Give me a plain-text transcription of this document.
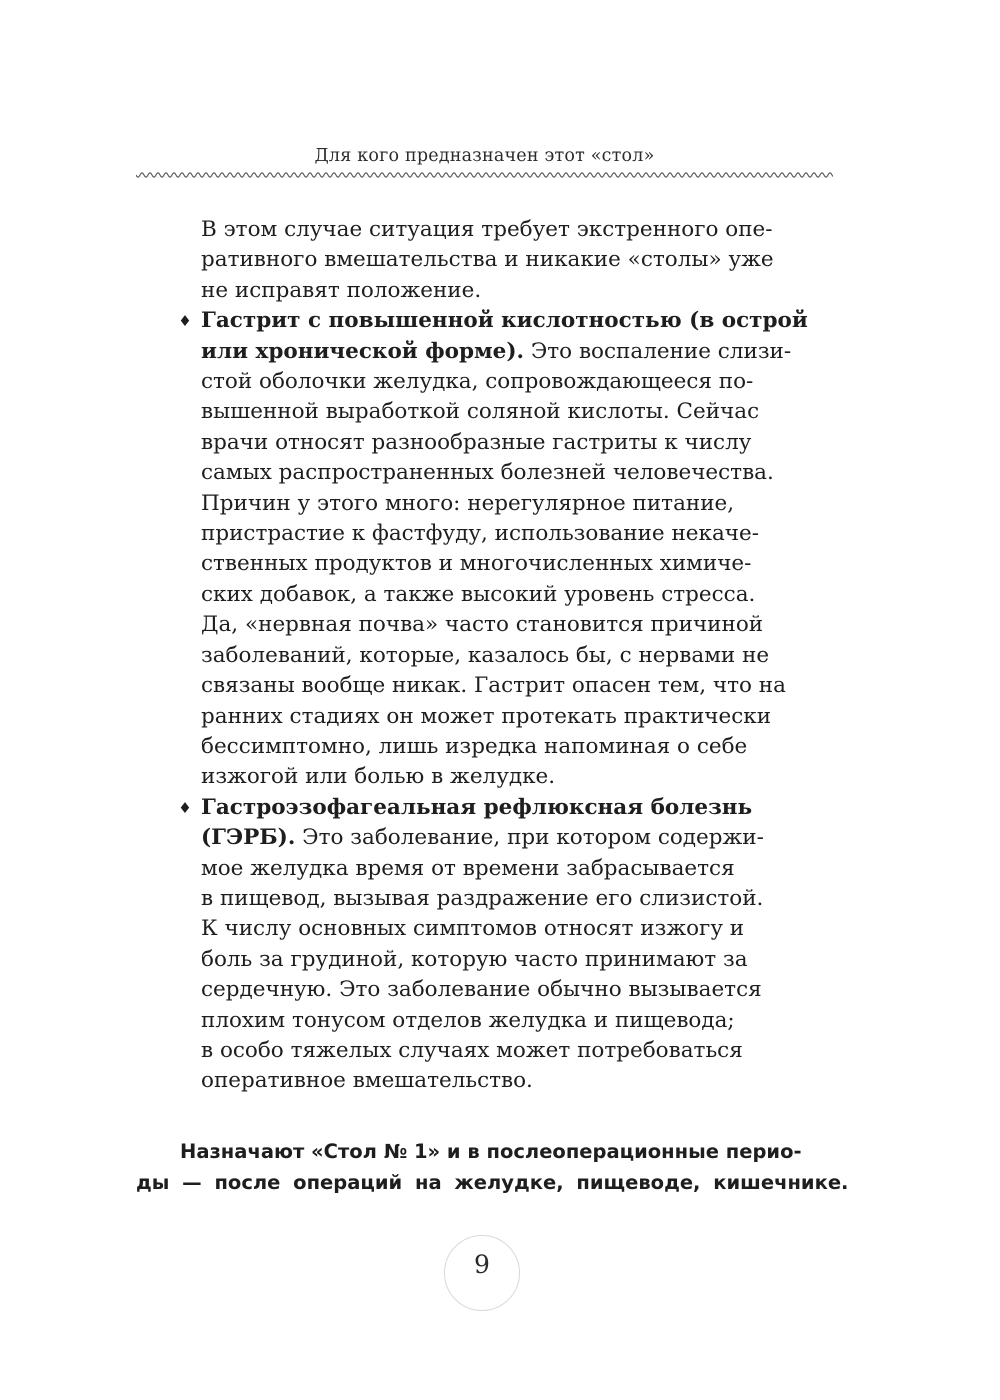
Для кого предназначен этот «стол»
В этом случае ситуация требует экстренного опе-
ративного вмешательства и никакие «столы» уже
не исправят положение.
♦ Гастрит с повышенной кислотностью (в острой
или хронической форме). Это воспаление слизи-
стой оболочки желудка, сопровождающееся по-
вышенной выработкой соляной кислоты. Сейчас
врачи относят разнообразные гастриты к числу
самых распространенных болезней человечества.
Причин у этого много: нерегулярное питание,
пристрастие к фастфуду, использование некаче-
ственных продуктов и многочисленных химиче-
ских добавок, а также высокий уровень стресса.
Да, «нервная почва» часто становится причиной
заболеваний, которые, казалось бы, с нервами не
связаны вообще никак. Гастрит опасен тем, что на
ранних стадиях он может протекать практически
бессимптомно, лишь изредка напоминая о себе
изжогой или болью в желудке.
♦ Гастроэзофагеальная рефлюксная болезнь
(ГЭРБ). Это заболевание, при котором содержи-
мое желудка время от времени забрасывается
в пищевод, вызывая раздражение его слизистой.
К числу основных симптомов относят изжогу и
боль за грудиной, которую часто принимают за
сердечную. Это заболевание обычно вызывается
плохим тонусом отделов желудка и пищевода;
в особо тяжелых случаях может потребоваться
оперативное вмешательство.
Назначают «Стол № 1» и в послеоперационные перио-
ды — после операций на желудке, пищеводе, кишечнике.
9
